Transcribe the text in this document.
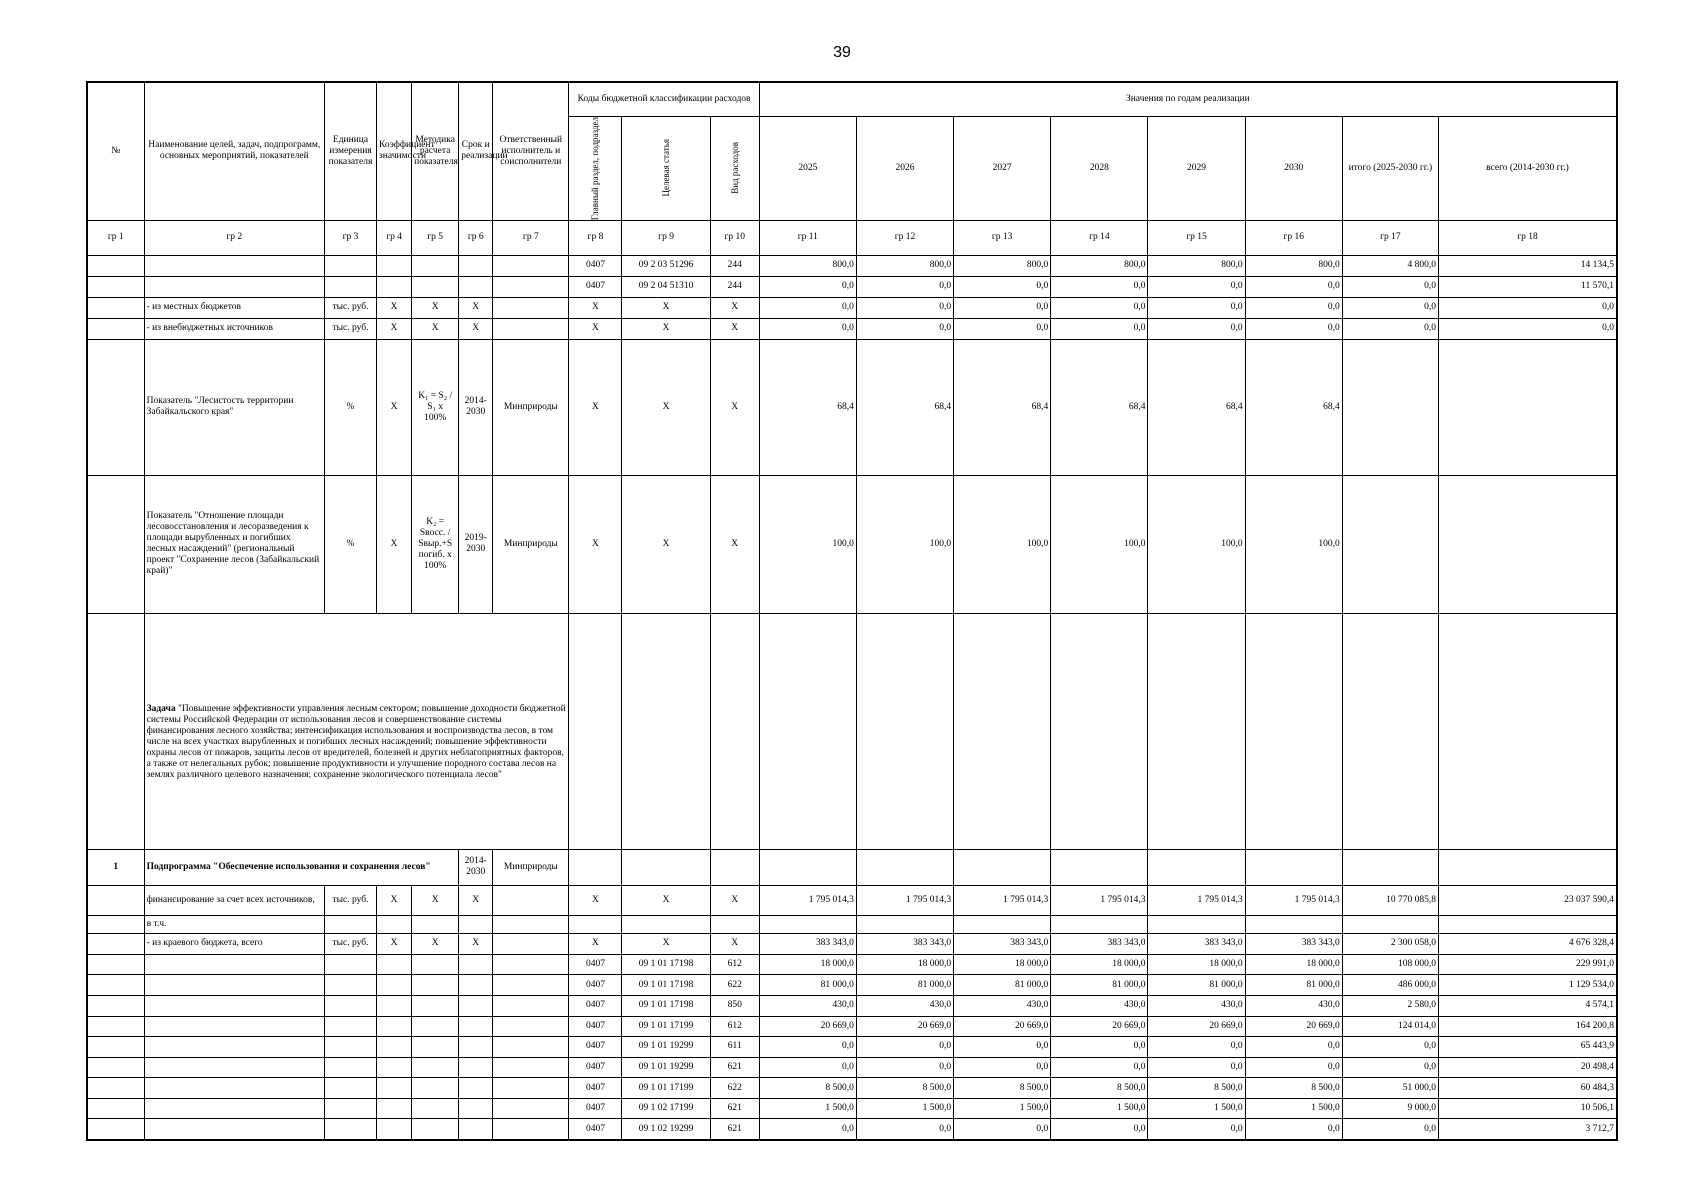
39
№	Наименование целей, задач, подпрограмм, основных мероприятий, показателей	Единица измерения показателя	Коэффициент значимости	Методика расчета показателя	Срок и реализации	Ответственный исполнитель и соисполнители	Коды бюджетной классификации расходов			Значения по годам реализации							

							Главный раздел, подраздел	Целевая статья	Вид расходов	2025	2026	2027	2028	2029	2030	итого (2025-2030 гг.)	всего (2014-2030 гг.)
гр 1	гр 2	гр 3	гр 4	гр 5	гр 6	гр 7	гр 8	гр 9	гр 10	гр 11	гр 12	гр 13	гр 14	гр 15	гр 16	гр 17	гр 18
							0407	09 2 03 51296	244	800,0	800,0	800,0	800,0	800,0	800,0	4 800,0	14 134,5
							0407	09 2 04 51310	244	0,0	0,0	0,0	0,0	0,0	0,0	0,0	11 570,1
	- из местных бюджетов	тыс. руб.	X	X	X		X	X	X	0,0	0,0	0,0	0,0	0,0	0,0	0,0	0,0
	- из внебюджетных источников	тыс. руб.	X	X	X		X	X	X	0,0	0,0	0,0	0,0	0,0	0,0	0,0	0,0
	Показатель "Лесистость территории Забайкальского края"	%	X	K₁ = S₂ /
S₁ x
100%	2014-2030	Минприроды	X	X	X	68,4	68,4	68,4	68,4	68,4	68,4		
	Показатель "Отношение площади лесовосстановления и лесоразведения к площади вырубленных и погибших лесных насаждений" (региональный проект "Сохранение лесов (Забайкальский край)"	%	X	K₂ =
Sвосс. /
Sвыр.+S
погиб. x
100%	2019-2030	Минприроды	X	X	X	100,0	100,0	100,0	100,0	100,0	100,0		
	Задача "Повышение эффективности управления лесным сектором; повышение доходности бюджетной системы Российской Федерации от использования лесов и совершенствование системы финансирования лесного хозяйства; интенсификация использования и воспроизводства лесов, в том числе на всех участках вырубленных и погибших лесных насаждений; повышение эффективности охраны лесов от пожаров, защиты лесов от вредителей, болезней и других неблагоприятных факторов, а также от нелегальных рубок; повышение продуктивности и улучшение породного состава лесов на землях различного целевого назначения; сохранение экологического потенциала лесов"																
1	Подпрограмма "Обеспечение использования и сохранения лесов"				2014-2030	Минприроды											
	финансирование за счет всех источников,	тыс. руб.	X	X	X		X	X	X	1 795 014,3	1 795 014,3	1 795 014,3	1 795 014,3	1 795 014,3	1 795 014,3	10 770 085,8	23 037 590,4
	в т.ч.																
	- из краевого бюджета, всего	тыс. руб.	X	X	X		X	X	X	383 343,0	383 343,0	383 343,0	383 343,0	383 343,0	383 343,0	2 300 058,0	4 676 328,4
							0407	09 1 01 17198	612	18 000,0	18 000,0	18 000,0	18 000,0	18 000,0	18 000,0	108 000,0	229 991,0
							0407	09 1 01 17198	622	81 000,0	81 000,0	81 000,0	81 000,0	81 000,0	81 000,0	486 000,0	1 129 534,0
							0407	09 1 01 17198	850	430,0	430,0	430,0	430,0	430,0	430,0	2 580,0	4 574,1
							0407	09 1 01 17199	612	20 669,0	20 669,0	20 669,0	20 669,0	20 669,0	20 669,0	124 014,0	164 200,8
							0407	09 1 01 19299	611	0,0	0,0	0,0	0,0	0,0	0,0	0,0	65 443,9
							0407	09 1 01 19299	621	0,0	0,0	0,0	0,0	0,0	0,0	0,0	20 498,4
							0407	09 1 01 17199	622	8 500,0	8 500,0	8 500,0	8 500,0	8 500,0	8 500,0	51 000,0	60 484,3
							0407	09 1 02 17199	621	1 500,0	1 500,0	1 500,0	1 500,0	1 500,0	1 500,0	9 000,0	10 506,1
							0407	09 1 02 19299	621	0,0	0,0	0,0	0,0	0,0	0,0	0,0	3 712,7
